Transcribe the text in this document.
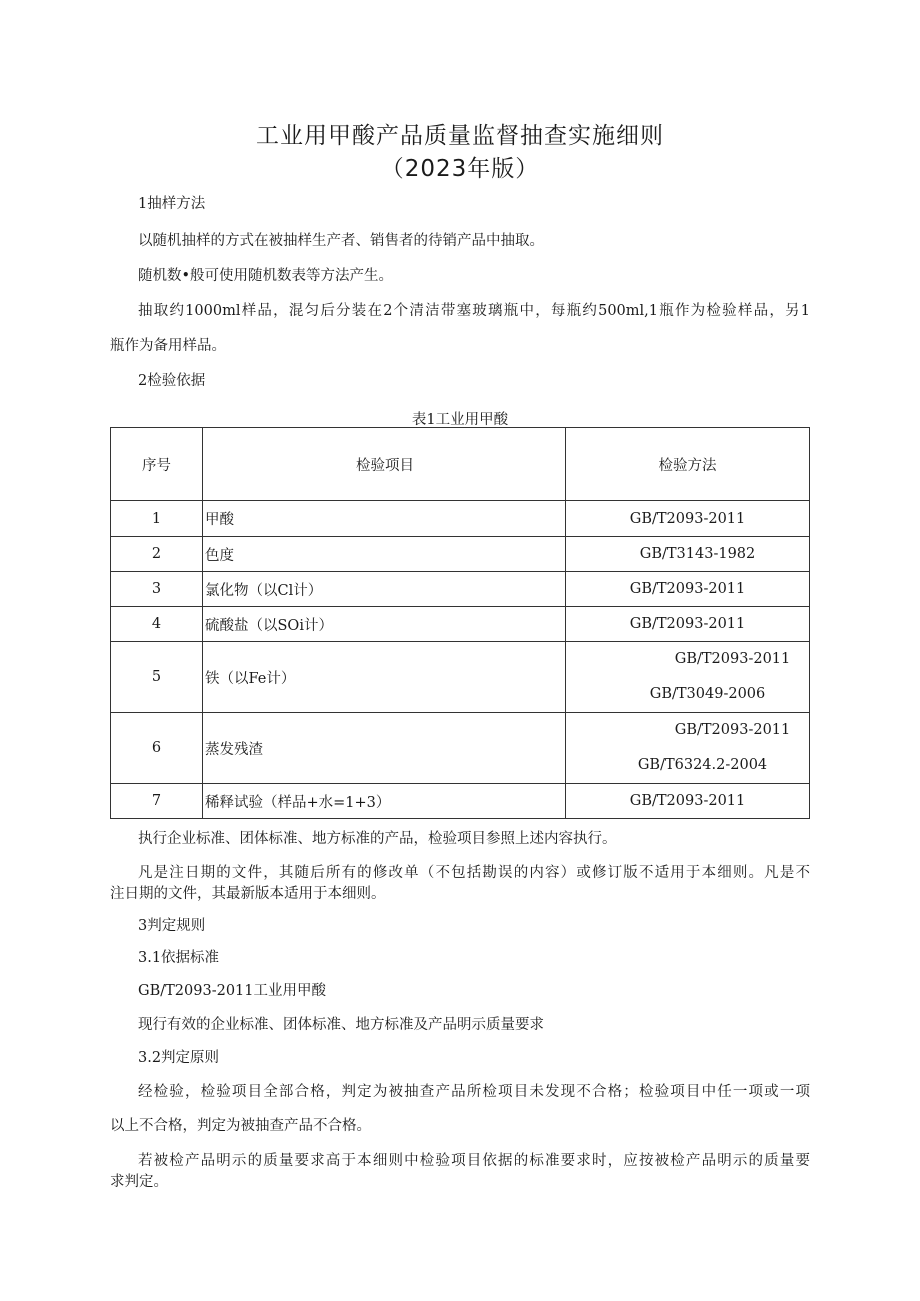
工业用甲酸产品质量监督抽查实施细则
（2023年版）
1抽样方法
以随机抽样的方式在被抽样生产者、销售者的待销产品中抽取。
随机数•般可使用随机数表等方法产生。
抽取约1000ml样品，混匀后分装在2个清洁带塞玻璃瓶中，每瓶约500ml,1瓶作为检验样品，另1
瓶作为备用样品。
2检验依据
表1工业用甲酸
序号	检验项目	检验方法
1	甲酸	GB/T2093-2011
2	色度	GB/T3143-1982
3	氯化物（以Cl计）	GB/T2093-2011
4	硫酸盐（以SOi计）	GB/T2093-2011
5	铁（以Fe计）	GB/T2093-2011
GB/T3049-2006

6	蒸发残渣	GB/T2093-2011
GB/T6324.2-2004

7	稀释试验（样品+水=1+3）	GB/T2093-2011
执行企业标准、团体标准、地方标准的产品，检验项目参照上述内容执行。
凡是注日期的文件，其随后所有的修改单（不包括勘误的内容）或修订版不适用于本细则。凡是不
注日期的文件，其最新版本适用于本细则。
3判定规则
3.1依据标准
GB/T2093-2011工业用甲酸
现行有效的企业标准、团体标准、地方标准及产品明示质量要求
3.2判定原则
经检验，检验项目全部合格，判定为被抽查产品所检项目未发现不合格；检验项目中任一项或一项
以上不合格，判定为被抽查产品不合格。
若被检产品明示的质量要求高于本细则中检验项目依据的标准要求时，应按被检产品明示的质量要
求判定。
